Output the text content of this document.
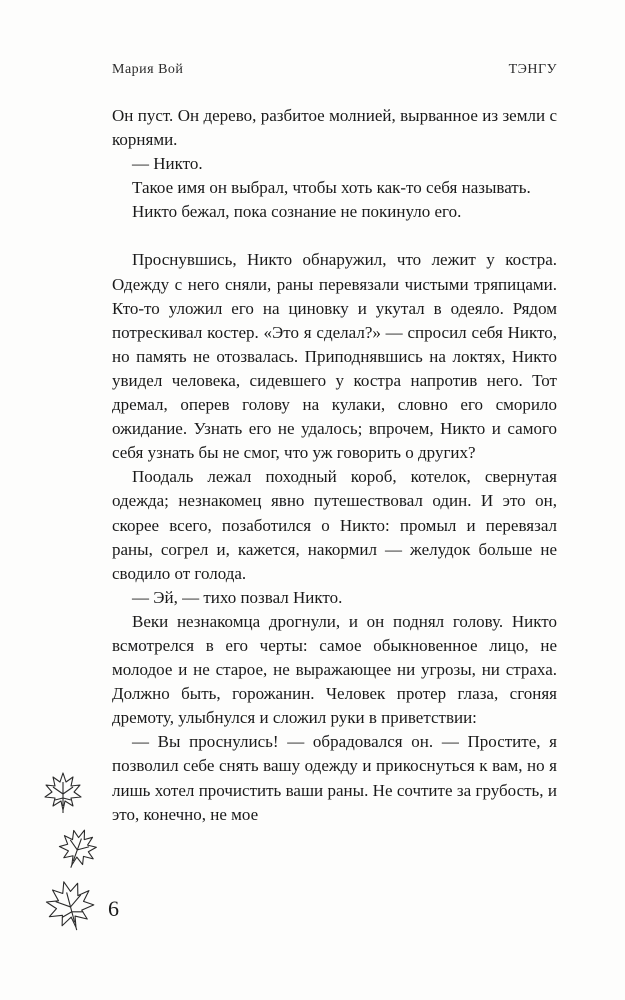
Мария Вой	ТЭНГУ

Он пуст. Он дерево, разбитое молнией, вырванное из земли с корнями.

— Никто.

Такое имя он выбрал, чтобы хоть как-то себя называть.

Никто бежал, пока сознание не покинуло его.

Проснувшись, Никто обнаружил, что лежит у костра. Одежду с него сняли, раны перевязали чистыми тряпицами. Кто-то уложил его на циновку и укутал в одеяло. Рядом потрескивал костер. «Это я сделал?» — спросил себя Никто, но память не отозвалась. Приподнявшись на локтях, Никто увидел человека, сидевшего у костра напротив него. Тот дремал, оперев голову на кулаки, словно его сморило ожидание. Узнать его не удалось; впрочем, Никто и самого себя узнать бы не смог, что уж говорить о других?

Поодаль лежал походный короб, котелок, свернутая одежда; незнакомец явно путешествовал один. И это он, скорее всего, позаботился о Никто: промыл и перевязал раны, согрел и, кажется, накормил — желудок больше не сводило от голода.

— Эй, — тихо позвал Никто.

Веки незнакомца дрогнули, и он поднял голову. Никто всмотрелся в его черты: самое обыкновенное лицо, не молодое и не старое, не выражающее ни угрозы, ни страха. Должно быть, горожанин. Человек протер глаза, сгоняя дремоту, улыбнулся и сложил руки в приветствии:

— Вы проснулись! — обрадовался он. — Простите, я позволил себе снять вашу одежду и прикоснуться к вам, но я лишь хотел прочистить ваши раны. Не сочтите за грубость, и это, конечно, не мое

6
